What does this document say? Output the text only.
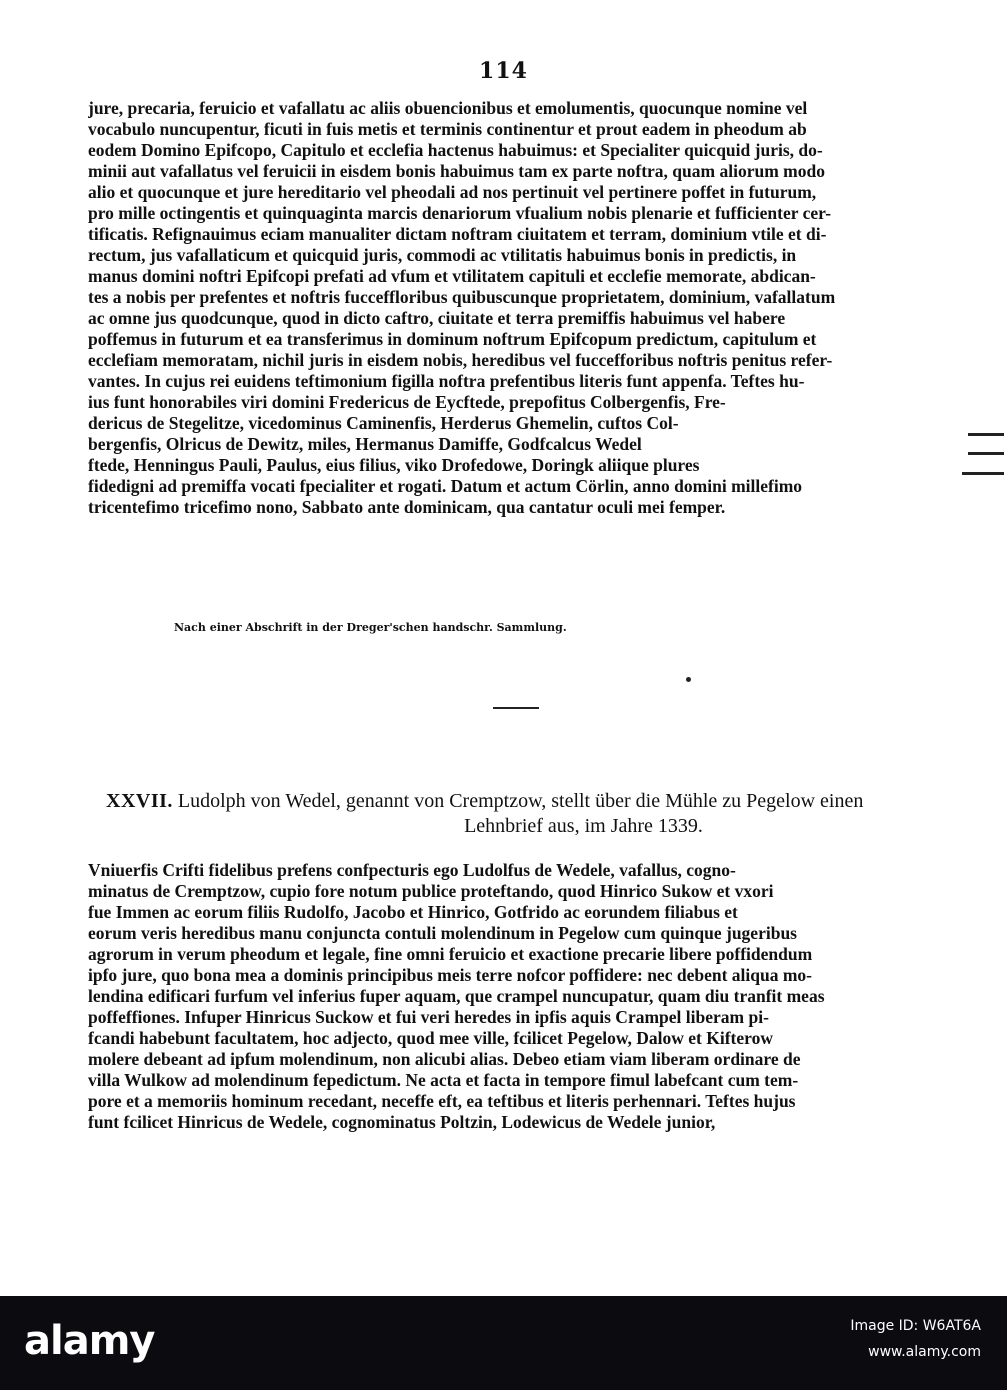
114
jure, precaria, feruicio et vafallatu ac aliis obuencionibus et emolumentis, quocunque nomine vel
vocabulo nuncupentur, ficuti in fuis metis et terminis continentur et prout eadem in pheodum ab
eodem Domino Epifcopo, Capitulo et ecclefia hactenus habuimus: et Specialiter quicquid juris, do-
minii aut vafallatus vel feruicii in eisdem bonis habuimus tam ex parte noftra, quam aliorum modo
alio et quocunque et jure hereditario vel pheodali ad nos pertinuit vel pertinere poffet in futurum,
pro mille octingentis et quinquaginta marcis denariorum vfualium nobis plenarie et fufficienter cer-
tificatis. Refignauimus eciam manualiter dictam noftram ciuitatem et terram, dominium vtile et di-
rectum, jus vafallaticum et quicquid juris, commodi ac vtilitatis habuimus bonis in predictis, in
manus domini noftri Epifcopi prefati ad vfum et vtilitatem capituli et ecclefie memorate, abdican-
tes a nobis per prefentes et noftris fucceffloribus quibuscunque proprietatem, dominium, vafallatum
ac omne jus quodcunque, quod in dicto caftro, ciuitate et terra premiffis habuimus vel habere
poffemus in futurum et ea transferimus in dominum noftrum Epifcopum predictum, capitulum et
ecclefiam memoratam, nichil juris in eisdem nobis, heredibus vel fuccefforibus noftris penitus refer-
vantes. In cujus rei euidens teftimonium figilla noftra prefentibus literis funt appenfa. Teftes hu-
ius funt honorabiles viri domini Fredericus de Eycftede, prepofitus Colbergenfis, Fre-
dericus de Stegelitze, vicedominus Caminenfis, Herderus Ghemelin, cuftos Col-
bergenfis, Olricus de Dewitz, miles, Hermanus Damiffe, Godfcalcus Wedel
ftede, Henningus Pauli, Paulus, eius filius, viko Drofedowe, Doringk aliique plures
fidedigni ad premiffa vocati fpecialiter et rogati. Datum et actum Cörlin, anno domini millefimo
tricentefimo tricefimo nono, Sabbato ante dominicam, qua cantatur oculi mei femper.
Nach einer Abschrift in der Dreger'schen handschr. Sammlung.
XXVII. Ludolph von Wedel, genannt von Cremptzow, stellt über die Mühle zu Pegelow einen
Lehnbrief aus, im Jahre 1339.
Vniuerfis Crifti fidelibus prefens confpecturis ego Ludolfus de Wedele, vafallus, cogno-
minatus de Cremptzow, cupio fore notum publice proteftando, quod Hinrico Sukow et vxori
fue Immen ac eorum filiis Rudolfo, Jacobo et Hinrico, Gotfrido ac eorundem filiabus et
eorum veris heredibus manu conjuncta contuli molendinum in Pegelow cum quinque jugeribus
agrorum in verum pheodum et legale, fine omni feruicio et exactione precarie libere poffidendum
ipfo jure, quo bona mea a dominis principibus meis terre nofcor poffidere: nec debent aliqua mo-
lendina edificari furfum vel inferius fuper aquam, que crampel nuncupatur, quam diu tranfit meas
poffeffiones. Infuper Hinricus Suckow et fui veri heredes in ipfis aquis Crampel liberam pi-
fcandi habebunt facultatem, hoc adjecto, quod mee ville, fcilicet Pegelow, Dalow et Kifterow
molere debeant ad ipfum molendinum, non alicubi alias. Debeo etiam viam liberam ordinare de
villa Wulkow ad molendinum fepedictum. Ne acta et facta in tempore fimul labefcant cum tem-
pore et a memoriis hominum recedant, neceffe eft, ea teftibus et literis perhennari. Teftes hujus
funt fcilicet Hinricus de Wedele, cognominatus Poltzin, Lodewicus de Wedele junior,
alamy	Image ID: W6AT6A
www.alamy.com
